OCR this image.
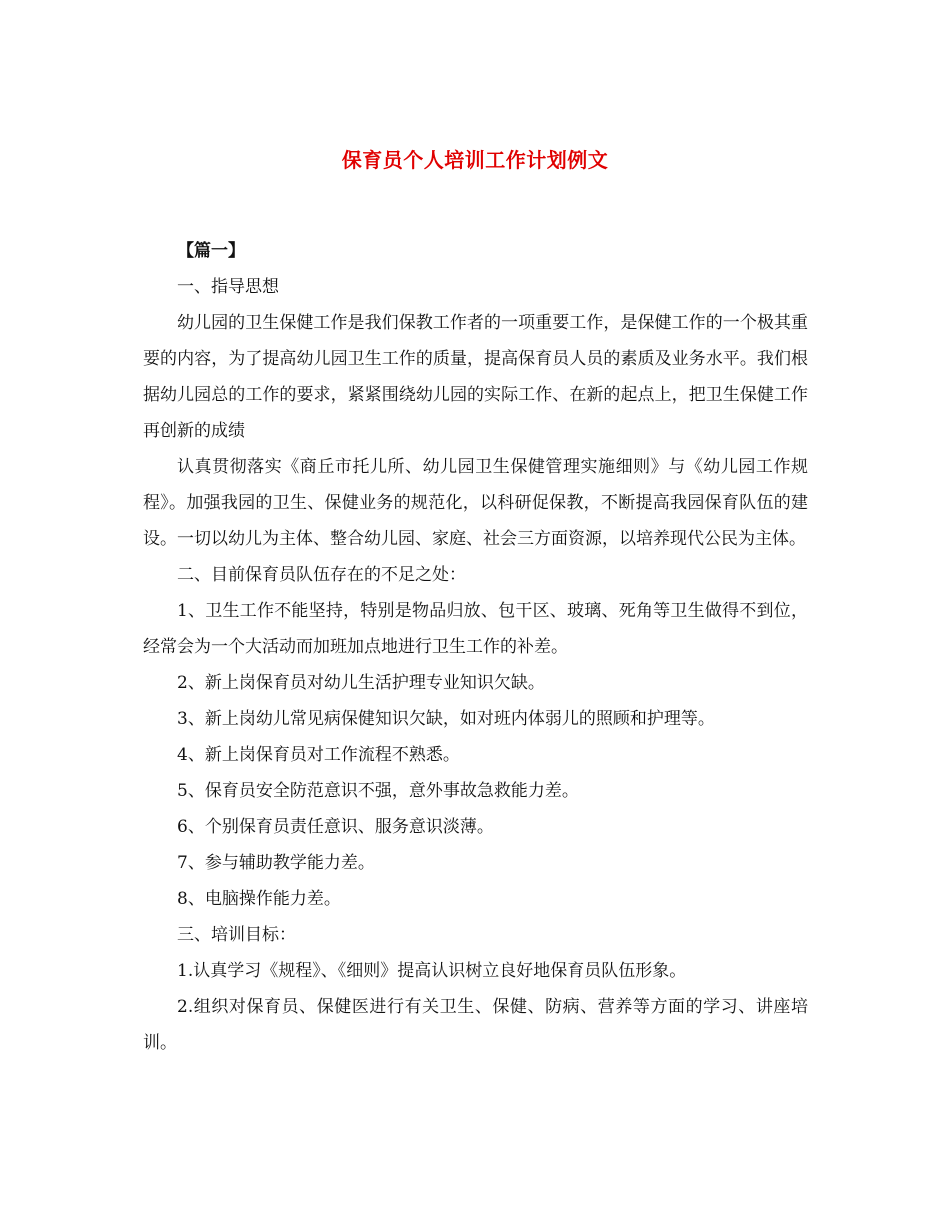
保育员个人培训工作计划例文

【篇一】

一、指导思想

幼儿园的卫生保健工作是我们保教工作者的一项重要工作，是保健工作的一个极其重要的内容，为了提高幼儿园卫生工作的质量，提高保育员人员的素质及业务水平。我们根据幼儿园总的工作的要求，紧紧围绕幼儿园的实际工作、在新的起点上，把卫生保健工作再创新的成绩

认真贯彻落实《商丘市托儿所、幼儿园卫生保健管理实施细则》与《幼儿园工作规程》。加强我园的卫生、保健业务的规范化，以科研促保教，不断提高我园保育队伍的建设。一切以幼儿为主体、整合幼儿园、家庭、社会三方面资源，以培养现代公民为主体。

二、目前保育员队伍存在的不足之处：

1、卫生工作不能坚持，特别是物品归放、包干区、玻璃、死角等卫生做得不到位，经常会为一个大活动而加班加点地进行卫生工作的补差。

2、新上岗保育员对幼儿生活护理专业知识欠缺。

3、新上岗幼儿常见病保健知识欠缺，如对班内体弱儿的照顾和护理等。

4、新上岗保育员对工作流程不熟悉。

5、保育员安全防范意识不强，意外事故急救能力差。

6、个别保育员责任意识、服务意识淡薄。

7、参与辅助教学能力差。

8、电脑操作能力差。

三、培训目标：

1.认真学习《规程》、《细则》提高认识树立良好地保育员队伍形象。

2.组织对保育员、保健医进行有关卫生、保健、防病、营养等方面的学习、讲座培训。
